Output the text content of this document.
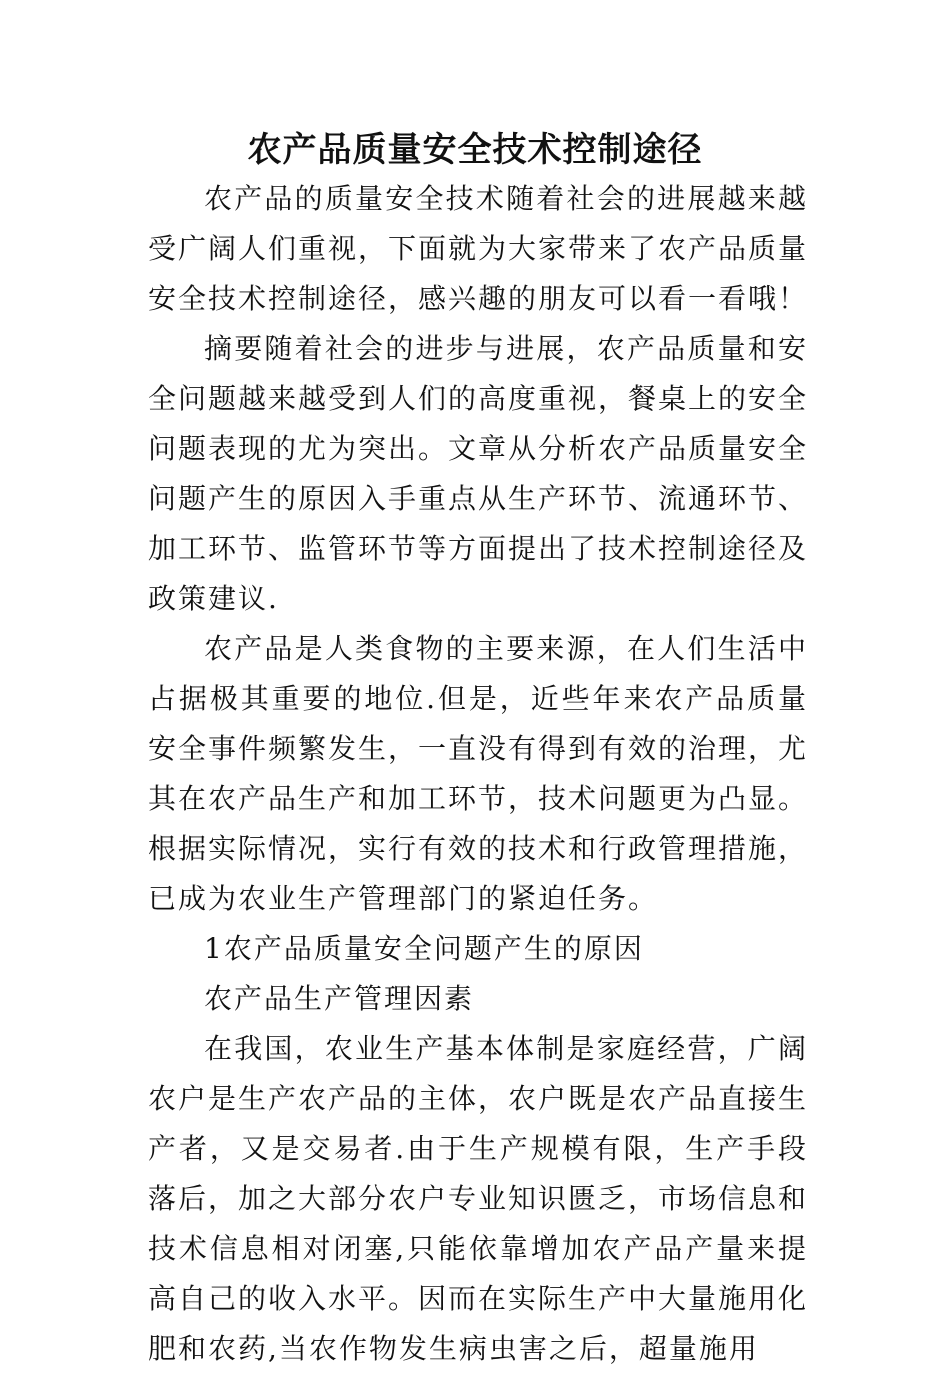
农产品质量安全技术控制途径

农产品的质量安全技术随着社会的进展越来越受广阔人们重视，下面就为大家带来了农产品质量安全技术控制途径，感兴趣的朋友可以看一看哦！

摘要随着社会的进步与进展，农产品质量和安全问题越来越受到人们的高度重视，餐桌上的安全问题表现的尤为突出。文章从分析农产品质量安全问题产生的原因入手重点从生产环节、流通环节、加工环节、监管环节等方面提出了技术控制途径及政策建议.

农产品是人类食物的主要来源，在人们生活中占据极其重要的地位.但是，近些年来农产品质量安全事件频繁发生，一直没有得到有效的治理，尤其在农产品生产和加工环节，技术问题更为凸显。根据实际情况，实行有效的技术和行政管理措施，已成为农业生产管理部门的紧迫任务。

1农产品质量安全问题产生的原因

农产品生产管理因素

在我国，农业生产基本体制是家庭经营，广阔农户是生产农产品的主体，农户既是农产品直接生产者，又是交易者.由于生产规模有限，生产手段落后，加之大部分农户专业知识匮乏，市场信息和技术信息相对闭塞,只能依靠增加农产品产量来提高自己的收入水平。因而在实际生产中大量施用化肥和农药,当农作物发生病虫害之后，超量施用
